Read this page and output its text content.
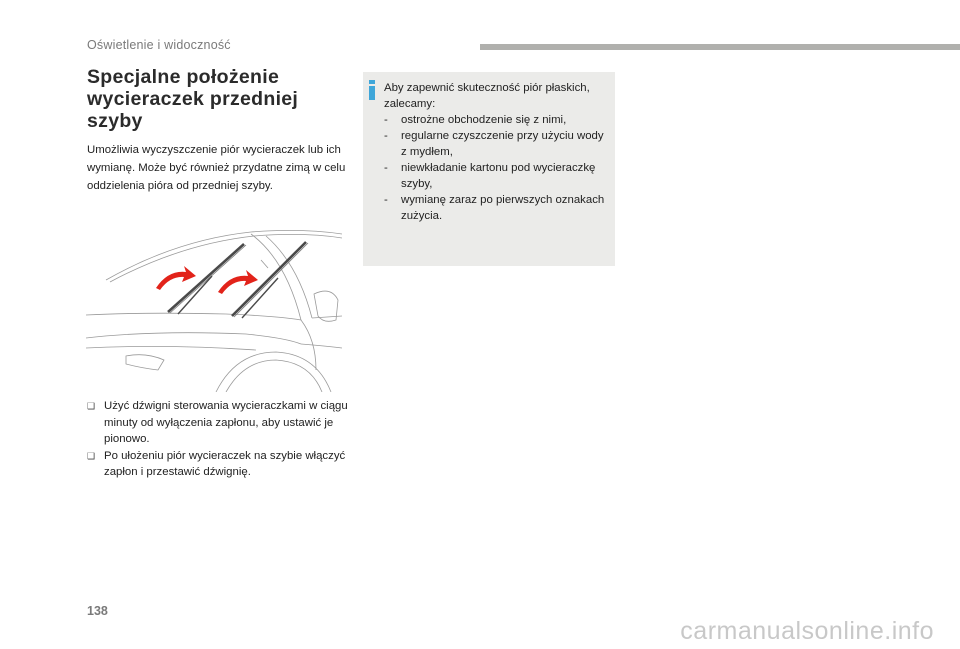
Oświetlenie i widoczność
Specjalne położenie wycieraczek przedniej szyby
Umożliwia wyczyszczenie piór wycieraczek lub ich wymianę. Może być również przydatne zimą w celu oddzielenia pióra od przedniej szyby.

❑ Użyć dźwigni sterowania wycieraczkami w ciągu minuty od wyłączenia zapłonu, aby ustawić je pionowo.

❑ Po ułożeniu piór wycieraczek na szybie włączyć zapłon i przestawić dźwignię.

Aby zapewnić skuteczność piór płaskich, zalecamy:
- ostrożne obchodzenie się z nimi,
- regularne czyszczenie przy użyciu wody z mydłem,
- niewkładanie kartonu pod wycieraczkę szyby,
- wymianę zaraz po pierwszych oznakach zużycia.
138
carmanualsonline.info
